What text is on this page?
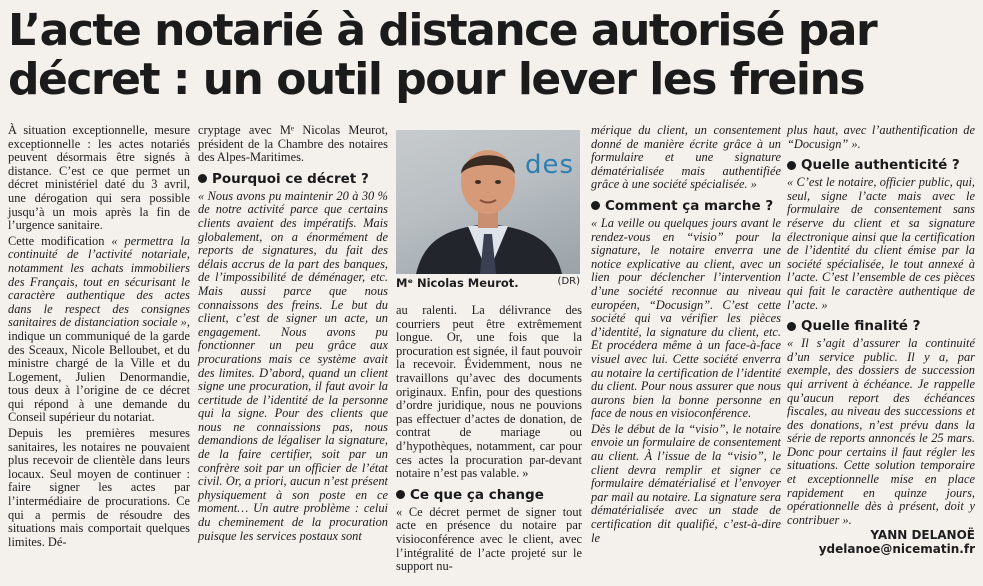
L’acte notarié à distance autorisé par décret : un outil pour lever les freins

À situation exceptionnelle, mesure exceptionnelle : les actes notariés peuvent désormais être signés à distance. C’est ce que permet un décret ministériel daté du 3 avril, une dérogation qui sera possible jusqu’à un mois après la fin de l’urgence sanitaire.

Cette modification « permettra la continuité de l’activité notariale, notamment les achats immobiliers des Français, tout en sécurisant le caractère authentique des actes dans le respect des consignes sanitaires de distanciation sociale », indique un communiqué de la garde des Sceaux, Nicole Belloubet, et du ministre chargé de la Ville et du Logement, Julien Denormandie, tous deux à l’origine de ce décret qui répond à une demande du Conseil supérieur du notariat.

Depuis les premières mesures sanitaires, les notaires ne pouvaient plus recevoir de clientèle dans leurs locaux. Seul moyen de continuer : faire signer les actes par l’intermédiaire de procurations. Ce qui a permis de résoudre des situations mais comportait quelques limites. Dé-

cryptage avec Mᵉ Nicolas Meurot, président de la Chambre des notaires des Alpes-Maritimes.

Pourquoi ce décret ?

« Nous avons pu maintenir 20 à 30 % de notre activité parce que certains clients avaient des impératifs. Mais globalement, on a énormément de reports de signatures, du fait des délais accrus de la part des banques, de l’impossibilité de déménager, etc. Mais aussi parce que nous connaissons des freins. Le but du client, c’est de signer un acte, un engagement. Nous avons pu fonctionner un peu grâce aux procurations mais ce système avait des limites. D’abord, quand un client signe une procuration, il faut avoir la certitude de l’identité de la personne qui la signe. Pour des clients que nous ne connaissions pas, nous demandions de légaliser la signature, de la faire certifier, soit par un confrère soit par un officier de l’état civil. Or, a priori, aucun n’est présent physiquement à son poste en ce moment… Un autre problème : celui du cheminement de la procuration puisque les services postaux sont

des
Mᵉ Nicolas Meurot.	(DR)

au ralenti. La délivrance des courriers peut être extrêmement longue. Or, une fois que la procuration est signée, il faut pouvoir la recevoir. Évidemment, nous ne travaillons qu’avec des documents originaux. Enfin, pour des questions d’ordre juridique, nous ne pouvions pas effectuer d’actes de donation, de contrat de mariage ou d’hypothèques, notamment, car pour ces actes la procuration par-devant notaire n’est pas valable. »

Ce que ça change

« Ce décret permet de signer tout acte en présence du notaire par visioconférence avec le client, avec l’intégralité de l’acte projeté sur le support nu-

mérique du client, un consentement donné de manière écrite grâce à un formulaire et une signature dématérialisée mais authentifiée grâce à une société spécialisée. »

Comment ça marche ?

« La veille ou quelques jours avant le rendez-vous en “visio” pour la signature, le notaire enverra une notice explicative au client, avec un lien pour déclencher l’intervention d’une société reconnue au niveau européen, “Docusign”. C’est cette société qui va vérifier les pièces d’identité, la signature du client, etc. Et procédera même à un face-à-face visuel avec lui. Cette société enverra au notaire la certification de l’identité du client. Pour nous assurer que nous aurons bien la bonne personne en face de nous en visioconférence.

Dès le début de la “visio”, le notaire envoie un formulaire de consentement au client. À l’issue de la “visio”, le client devra remplir et signer ce formulaire dématérialisé et l’envoyer par mail au notaire. La signature sera dématérialisée avec un stade de certification dit qualifié, c’est-à-dire le

plus haut, avec l’authentification de “Docusign” ».

Quelle authenticité ?

« C’est le notaire, officier public, qui, seul, signe l’acte mais avec le formulaire de consentement sans réserve du client et sa signature électronique ainsi que la certification de l’identité du client émise par la société spécialisée, le tout annexé à l’acte. C’est l’ensemble de ces pièces qui fait le caractère authentique de l’acte. »

Quelle finalité ?

« Il s’agit d’assurer la continuité d’un service public. Il y a, par exemple, des dossiers de succession qui arrivent à échéance. Je rappelle qu’aucun report des échéances fiscales, au niveau des successions et des donations, n’est prévu dans la série de reports annoncés le 25 mars. Donc pour certains il faut régler les situations. Cette solution temporaire et exceptionnelle mise en place rapidement en quinze jours, opérationnelle dès à présent, doit y contribuer ».

YANN DELANOË
ydelanoe@nicematin.fr
